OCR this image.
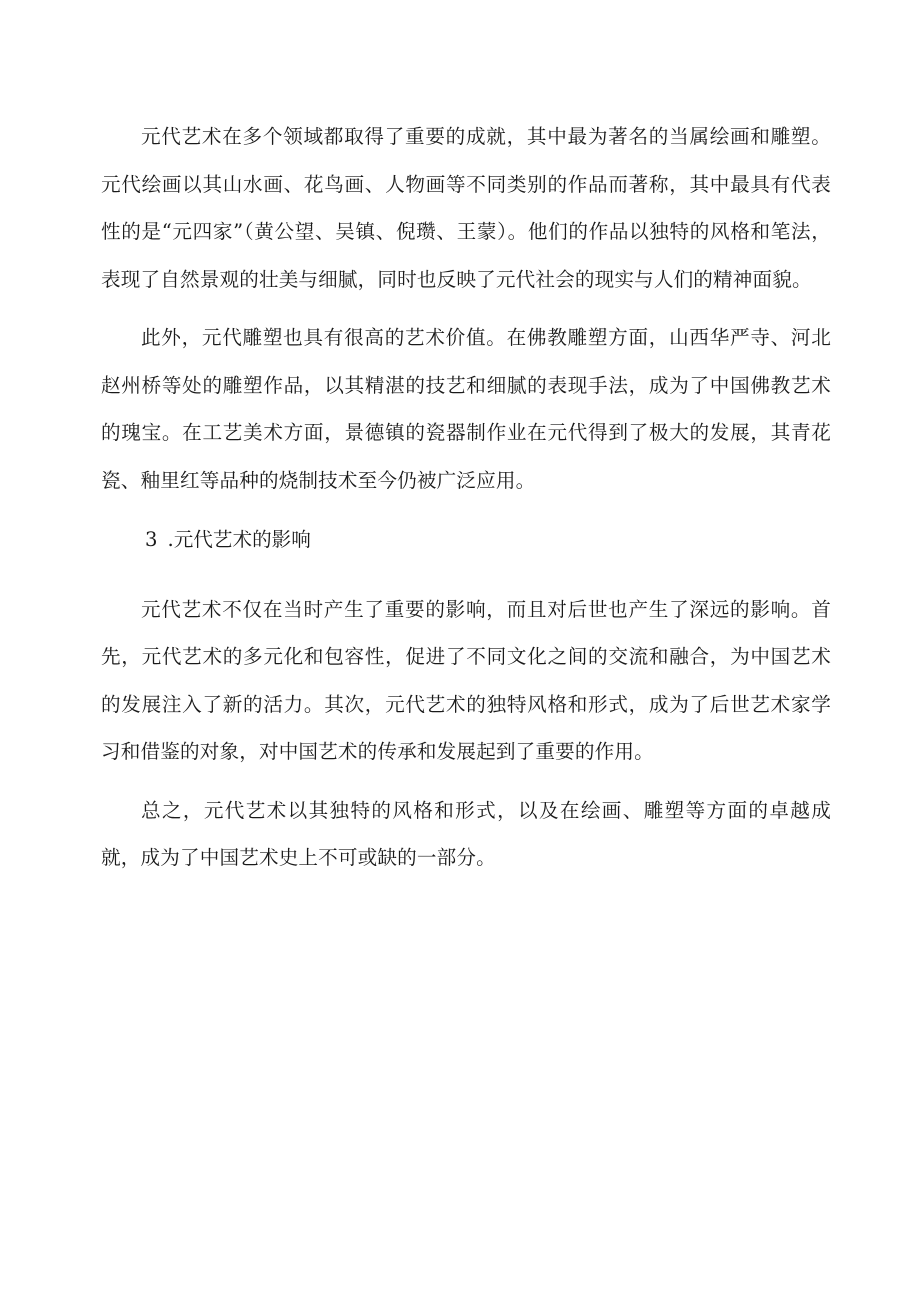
元代艺术在多个领域都取得了重要的成就，其中最为著名的当属绘画和雕塑。元代绘画以其山水画、花鸟画、人物画等不同类别的作品而著称，其中最具有代表性的是“元四家”（黄公望、吴镇、倪瓒、王蒙）。他们的作品以独特的风格和笔法，表现了自然景观的壮美与细腻，同时也反映了元代社会的现实与人们的精神面貌。

此外，元代雕塑也具有很高的艺术价值。在佛教雕塑方面，山西华严寺、河北赵州桥等处的雕塑作品，以其精湛的技艺和细腻的表现手法，成为了中国佛教艺术的瑰宝。在工艺美术方面，景德镇的瓷器制作业在元代得到了极大的发展，其青花瓷、釉里红等品种的烧制技术至今仍被广泛应用。

3 .元代艺术的影响

元代艺术不仅在当时产生了重要的影响，而且对后世也产生了深远的影响。首先，元代艺术的多元化和包容性，促进了不同文化之间的交流和融合，为中国艺术的发展注入了新的活力。其次，元代艺术的独特风格和形式，成为了后世艺术家学习和借鉴的对象，对中国艺术的传承和发展起到了重要的作用。

总之，元代艺术以其独特的风格和形式，以及在绘画、雕塑等方面的卓越成就，成为了中国艺术史上不可或缺的一部分。
